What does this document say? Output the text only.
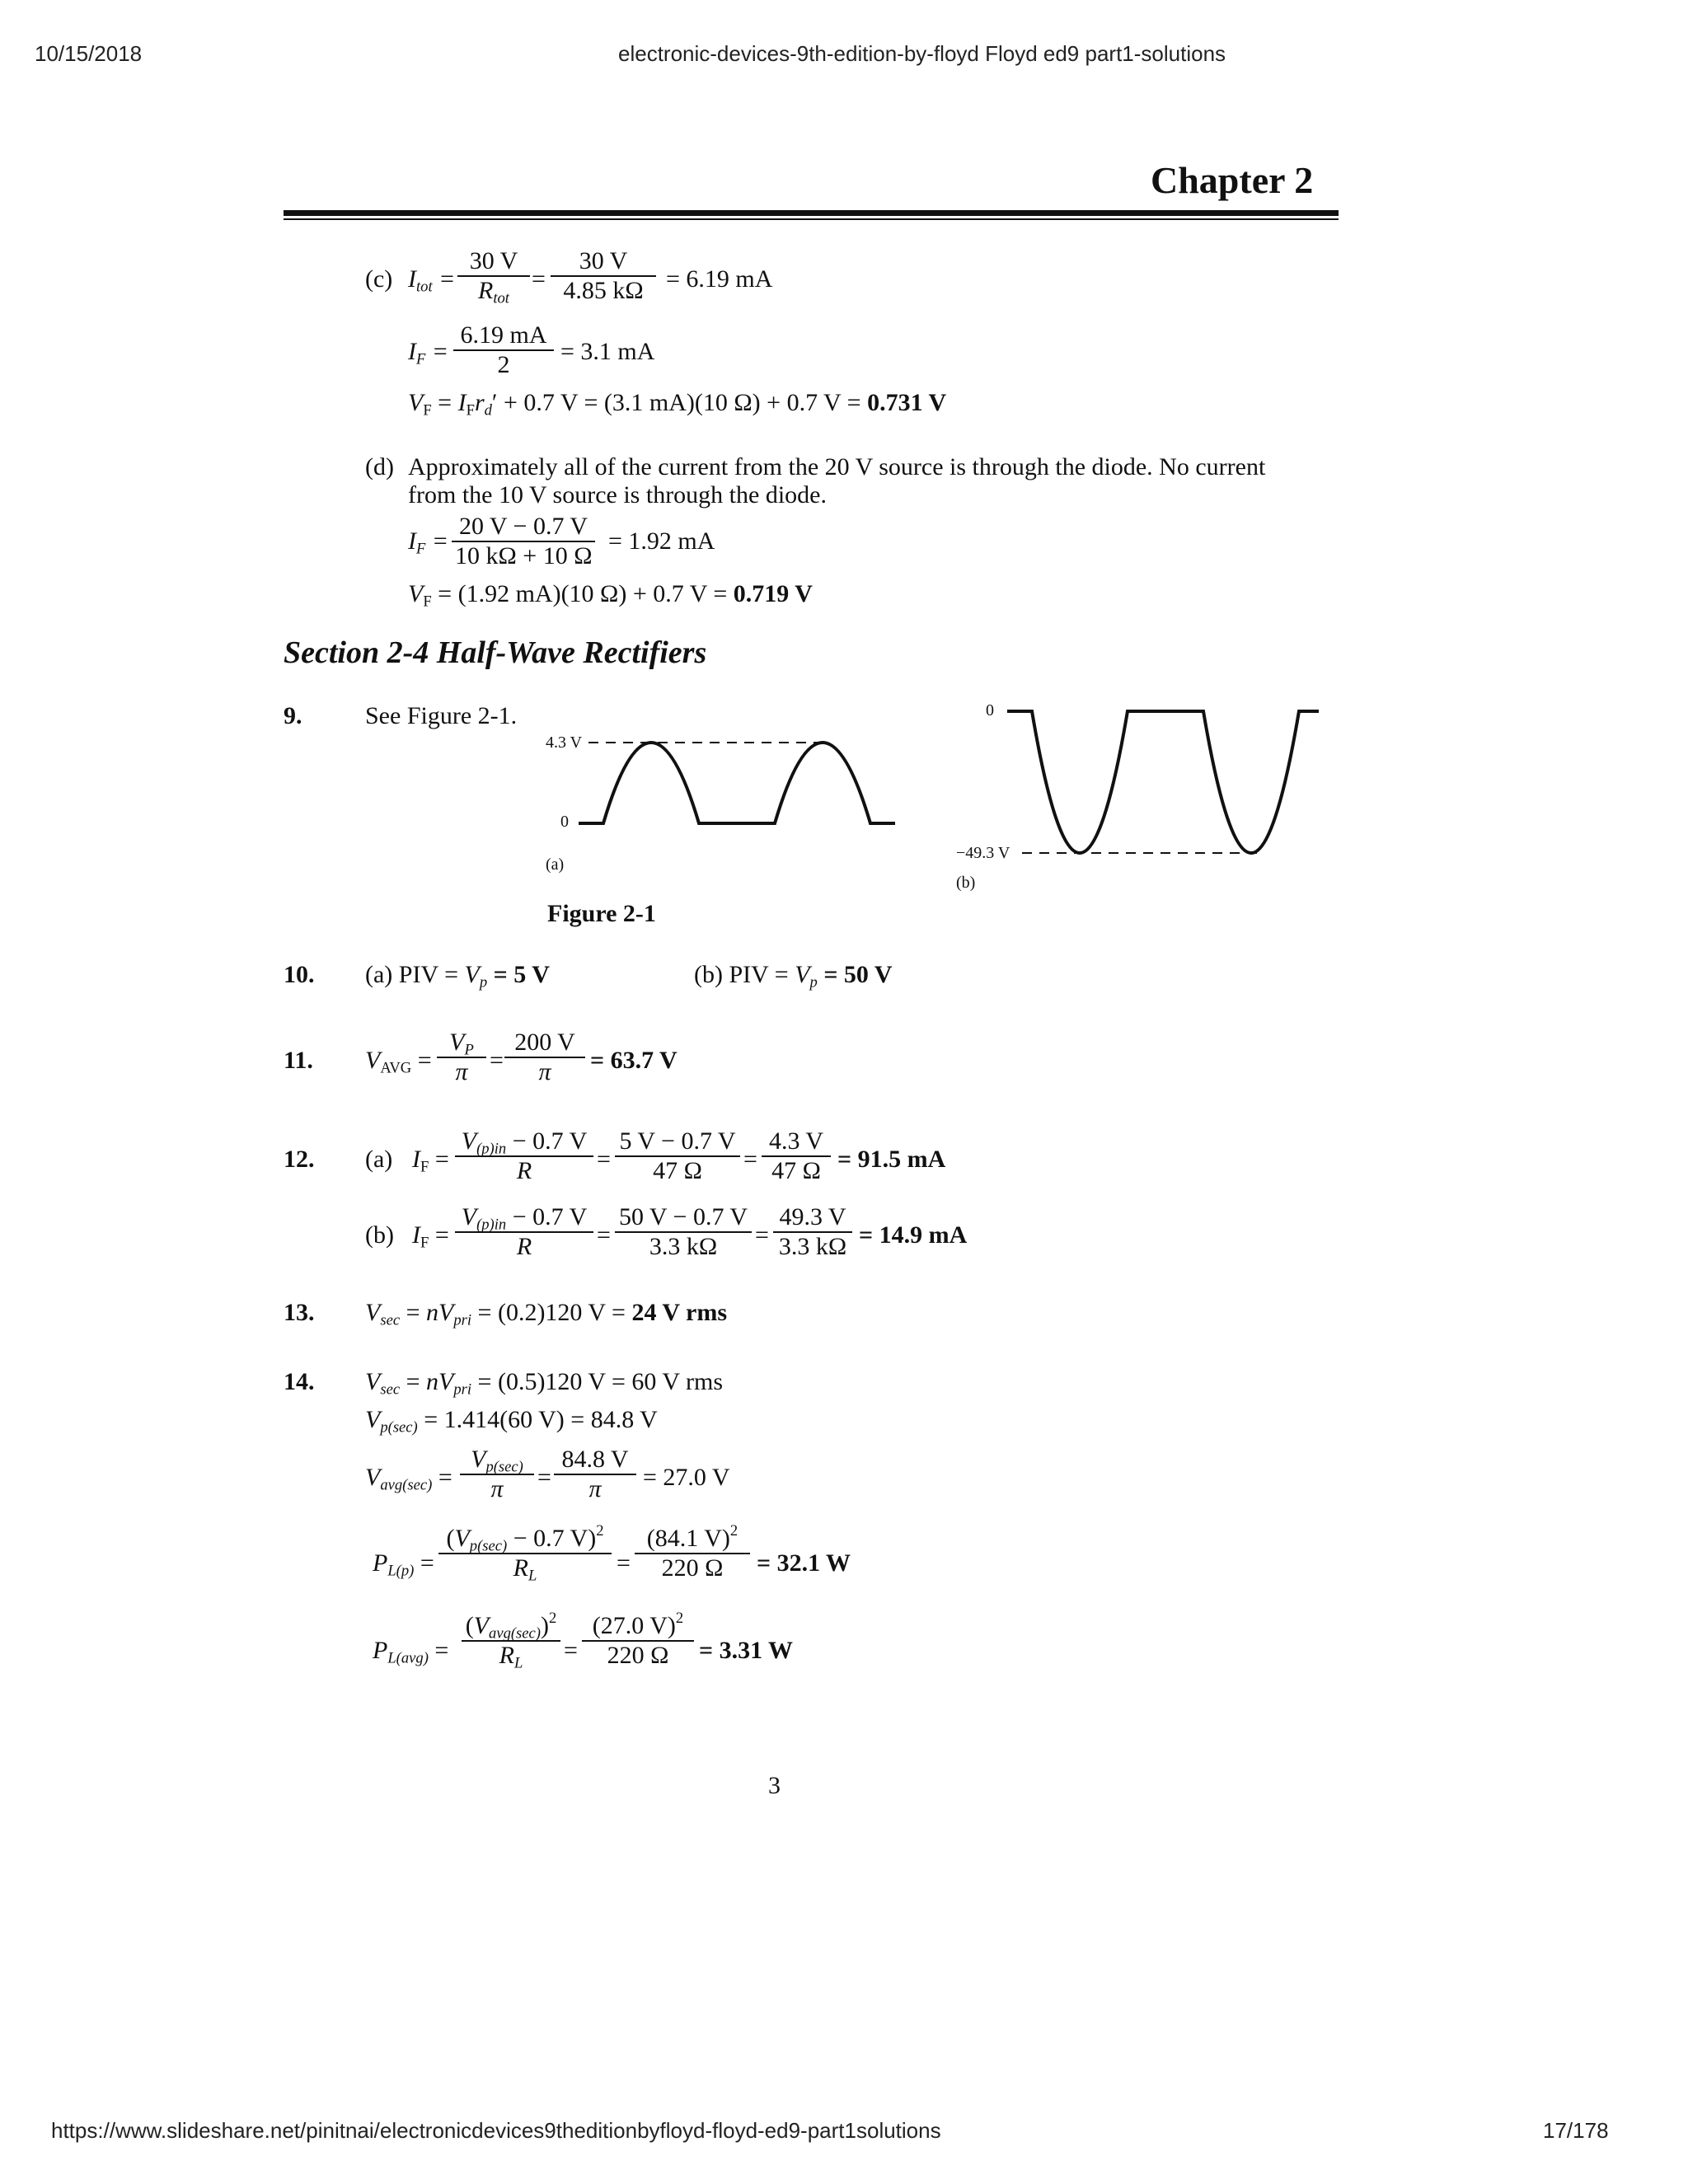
10/15/2018	electronic-devices-9th-edition-by-floyd Floyd ed9 part1-solutions
https://www.slideshare.net/pinitnai/electronicdevices9theditionbyfloyd-floyd-ed9-part1solutions	17/178
Chapter 2
(c) $I_{tot}$ =
30 V
$R_{tot}$
= $\frac{30 V}{4.85 k\Omega} = 6.19$ mA
$I_F = \frac{6.19 mA}{2} = 3.1$ mA
$V_F = I_Fr_d' + 0.7$ V = (3.1 mA)(10 Ω) + 0.7 V = 0.731 V
(d) Approximately all of the current from the 20 V source is through the diode. No current
from the 10 V source is through the diode.
$I_F = \frac{20 V - 0.7 V}{10 k\Omega + 10 \Omega} = 1.92$ mA
$V_F = (1.92$ mA)(10 Ω) + 0.7 V = 0.719 V
Section 2-4 Half-Wave Rectifiers
9.	See Figure 2-1.
4.3 V
0
(a)
0
−49.3 V
(b)
Figure 2-1
10. (a) PIV = $V_p = 5$ V	(b) PIV = $V_p = 50$ V
11. $V_{AVG} = \frac{V_P}{\pi} = \frac{200 V}{\pi} = 63.7$ V
12. (a) $I_F = \frac{V_{(p)in} - 0.7 V}{R} = \frac{5 V - 0.7 V}{47 \Omega} = \frac{4.3 V}{47 \Omega} = 91.5$ mA
(b) $I_F = \frac{V_{(p)in} - 0.7 V}{R} = \frac{50 V - 0.7 V}{3.3 k\Omega} = \frac{49.3 V}{3.3 k\Omega} = 14.9$ mA
13. $V_{sec} = nV_{pri} = (0.2)120$ V = 24 V rms
14. $V_{sec} = nV_{pri} = (0.5)120$ V = 60 V rms
$V_{p(sec)} = 1.414(60$ V) = 84.8 V
$V_{avg(sec)}$ =
$V_{p(sec)}$
π	= $\frac{84.8 V}{\pi} = 27.0$ V
$P_{L(p)}$ =
($V_{p(sec)} - 0.7$ V)$^2$
$R_L$	= $\frac{(84.1 V)^2}{220 \Omega} = 32.1$ W
$P_{L(avg)}$ =
$(V_{avg(sec)})^2$
$R_L$	= $\frac{(27.0 V)^2}{220 \Omega} = 3.31$ W
3
